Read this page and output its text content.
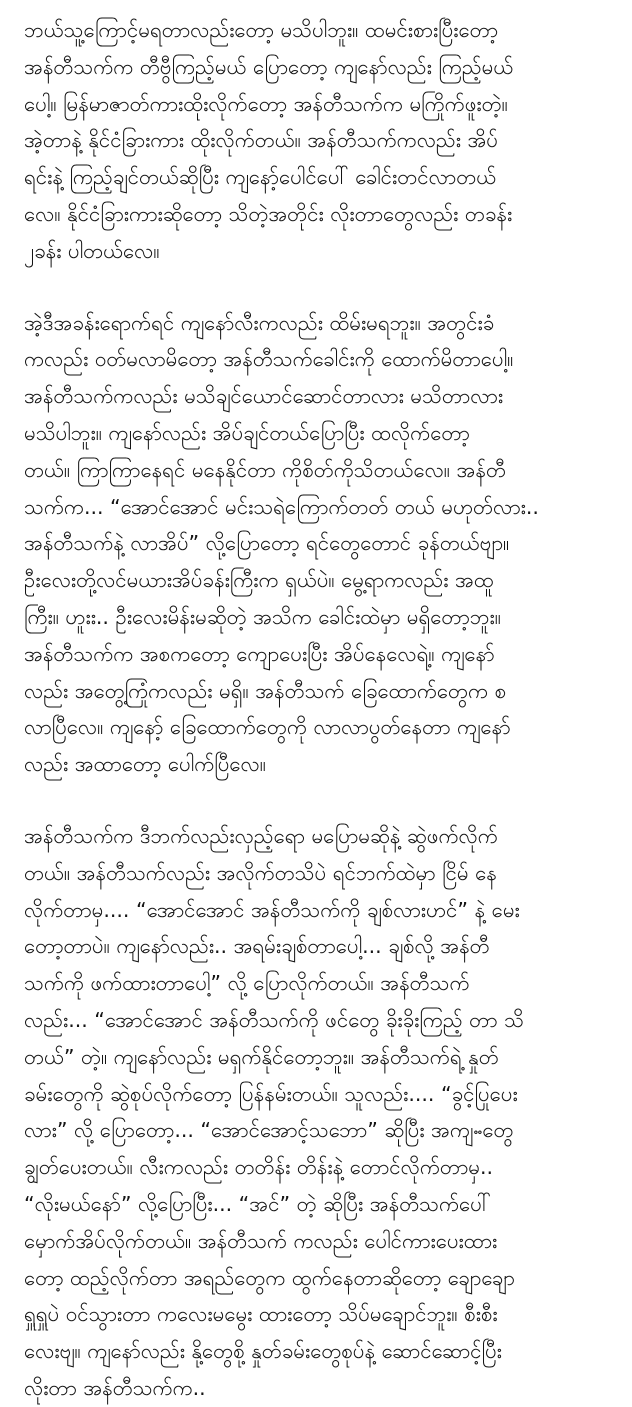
ဘယ်သူ့ကြောင့်မရတာလည်းတော့ မသိပါဘူး။ ထမင်းစားပြီးတော့
အန်တီသက်က တီဗွီကြည့်မယ် ပြောတော့ ကျနော်လည်း ကြည့်မယ်
ပေါ့။ မြန်မာဇာတ်ကားထိုးလိုက်တော့ အန်တီသက်က မကြိုက်ဖူးတဲ့။
အဲ့တာနဲ့ နိုင်ငံခြားကား ထိုးလိုက်တယ်။ အန်တီသက်ကလည်း အိပ်
ရင်းနဲ့ ကြည့်ချင်တယ်ဆိုပြီး ကျနော့်ပေါင်ပေါ် ခေါင်းတင်လာတယ်
လေ။ နိုင်ငံခြားကားဆိုတော့ သိတဲ့အတိုင်း လိုးတာတွေလည်း တခန်း
၂ခန်း ပါတယ်လေ။

အဲ့ဒီအခန်းရောက်ရင် ကျနော်လီးကလည်း ထိမ်းမရဘူး။ အတွင်းခံ
ကလည်း ဝတ်မလာမိတော့ အန်တီသက်ခေါင်းကို ထောက်မိတာပေါ့။
အန်တီသက်ကလည်း မသိချင်ယောင်ဆောင်တာလား မသိတာလား
မသိပါဘူး။ ကျနော်လည်း အိပ်ချင်တယ်ပြောပြီး ထလိုက်တော့
တယ်။ ကြာကြာနေရင် မနေနိုင်တာ ကိုစိတ်ကိုသိတယ်လေ။ အန်တီ
သက်က... “အောင်အောင် မင်းသရဲကြောက်တတ် တယ် မဟုတ်လား..
အန်တီသက်နဲ့ လာအိပ်” လို့ပြောတော့ ရင်တွေတောင် ခုန်တယ်ဗျာ။
ဦးလေးတို့လင်မယားအိပ်ခန်းကြီးက ရှယ်ပဲ။ မွေ့ရာကလည်း အထူ
ကြီး။ ဟူးး.. ဦးလေးမိန်းမဆိုတဲ့ အသိက ခေါင်းထဲမှာ မရှိတော့ဘူး။
အန်တီသက်က အစကတော့ ကျောပေးပြီး အိပ်နေလေရဲ့။ ကျနော်
လည်း အတွေ့ကြုံကလည်း မရှိ။ အန်တီသက် ခြေထောက်တွေက စ
လာပြီလေ။ ကျနော့် ခြေထောက်တွေကို လာလာပွတ်နေတာ ကျနော်
လည်း အထာတော့ ပေါက်ပြီလေ။

အန်တီသက်က ဒီဘက်လည်းလှည့်ရော မပြောမဆိုနဲ့ ဆွဲဖက်လိုက်
တယ်။ အန်တီသက်လည်း အလိုက်တသိပဲ ရင်ဘက်ထဲမှာ ငြိမ် နေ
လိုက်တာမှ.... “အောင်အောင် အန်တီသက်ကို ချစ်လားဟင်” နဲ့ မေး
တော့တာပဲ။ ကျနော်လည်း.. အရမ်းချစ်တာပေါ့... ချစ်လို့ အန်တီ
သက်ကို ဖက်ထားတာပေါ့” လို့ ပြောလိုက်တယ်။ အန်တီသက်
လည်း... “အောင်အောင် အန်တီသက်ကို ဖင်တွေ ခိုးခိုးကြည့် တာ သိ
တယ်” တဲ့။ ကျနော်လည်း မရှက်နိုင်တော့ဘူး။ အန်တီသက်ရဲ့ နှုတ်
ခမ်းတွေကို ဆွဲစုပ်လိုက်တော့ ပြန်နမ်းတယ်။ သူလည်း.... “ခွင့်ပြုပေး
လား” လို့ ပြောတော့... “အောင်အောင့်သဘော” ဆိုပြီး အကျႌတွေ
ချွတ်ပေးတယ်။ လီးကလည်း တတိန်း တိန်းနဲ့ တောင်လိုက်တာမှ..
“လိုးမယ်နော်” လို့ပြောပြီး... “အင်” တဲ့ ဆိုပြီး အန်တီသက်ပေါ်
မှောက်အိပ်လိုက်တယ်။ အန်တီသက် ကလည်း ပေါင်ကားပေးထား
တော့ ထည့်လိုက်တာ အရည်တွေက ထွက်နေတာဆိုတော့ ချောချော
ရှူရှူပဲ ဝင်သွားတာ ကလေးမမွေး ထားတော့ သိပ်မချောင်ဘူး။ စီးစီး
လေးဗျ။ ကျနော်လည်း နို့တွေစို့ နှုတ်ခမ်းတွေစုပ်နဲ့ ဆောင်ဆောင့်ပြီး
လိုးတာ အန်တီသက်က..
